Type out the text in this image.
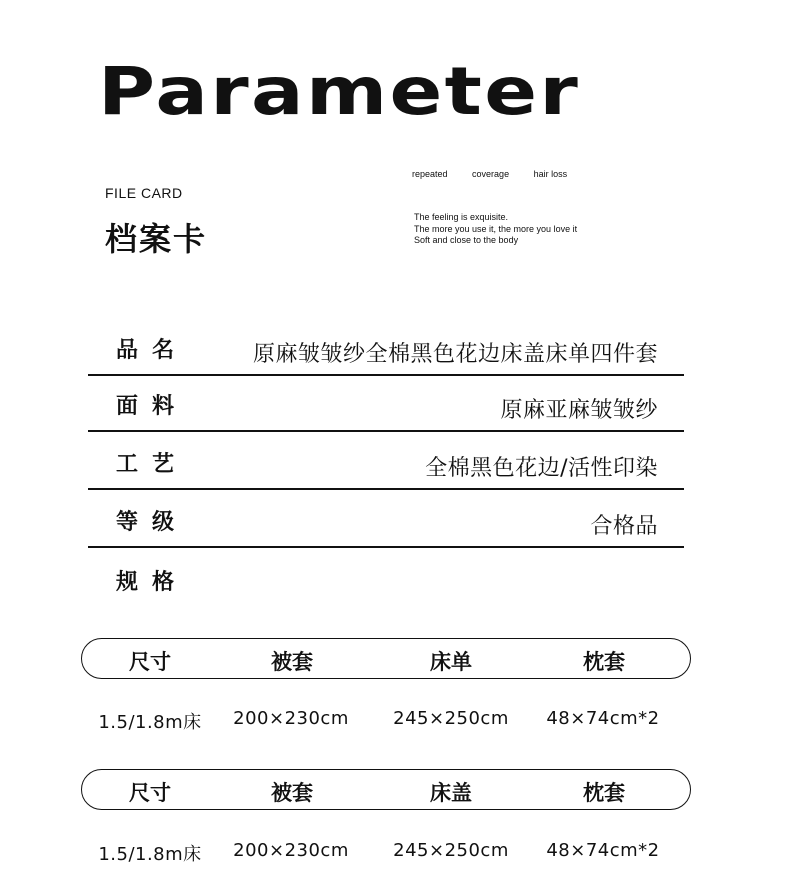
Parameter
FILE CARD
档案卡
repeated	coverage	hair loss
The feeling is exquisite.
The more you use it, the more you love it
Soft and close to the body
品名	原麻皱皱纱全棉黑色花边床盖床单四件套
面料	原麻亚麻皱皱纱
工艺	全棉黑色花边/活性印染
等级	合格品
规格
尺寸	被套	床单	枕套
1.5/1.8m床 200×230cm 245×250cm 48×74cm*2
尺寸	被套	床盖	枕套
1.5/1.8m床 200×230cm 245×250cm 48×74cm*2
